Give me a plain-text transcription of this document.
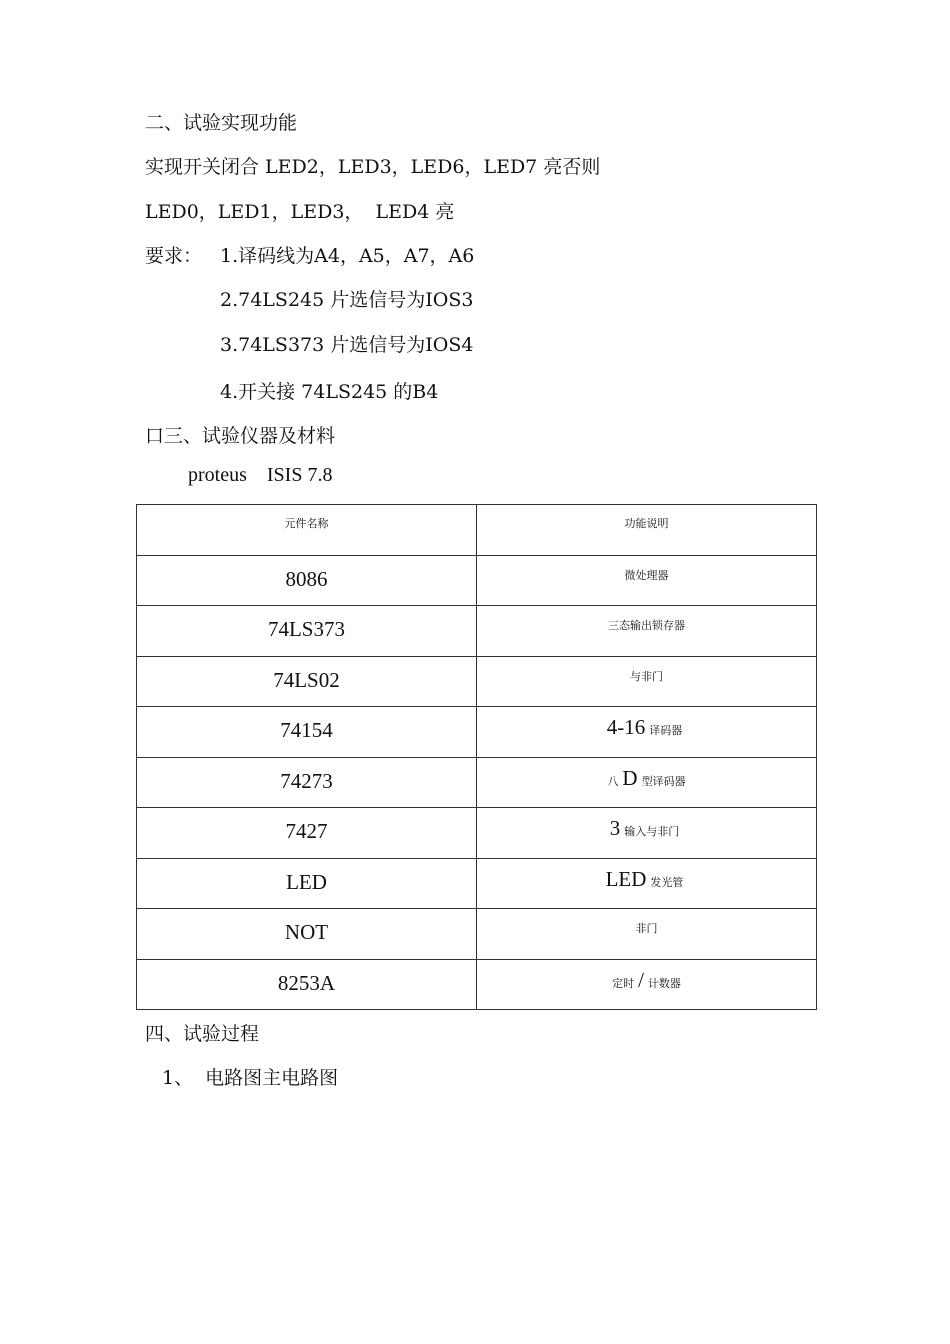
二、试验实现功能
实现开关闭合 LED2，LED3，LED6，LED7 亮否则
LED0，LED1，LED3，  LED4 亮
要求： 1.译码线为A4，A5，A7，A6
2.74LS245 片选信号为IOS3
3.74LS373 片选信号为IOS4
4.开关接 74LS245 的B4
口三、试验仪器及材料
proteus    ISIS 7.8
元件名称	功能说明

8086	微处理器

74LS373	三态输出锁存器

74LS02	与非门

74154	4-16 译码器

74273	八 D 型译码器

7427	3 输入与非门

LED	LED 发光管

NOT	非门

8253A	定时 / 计数器
四、试验过程
1、  电路图主电路图
